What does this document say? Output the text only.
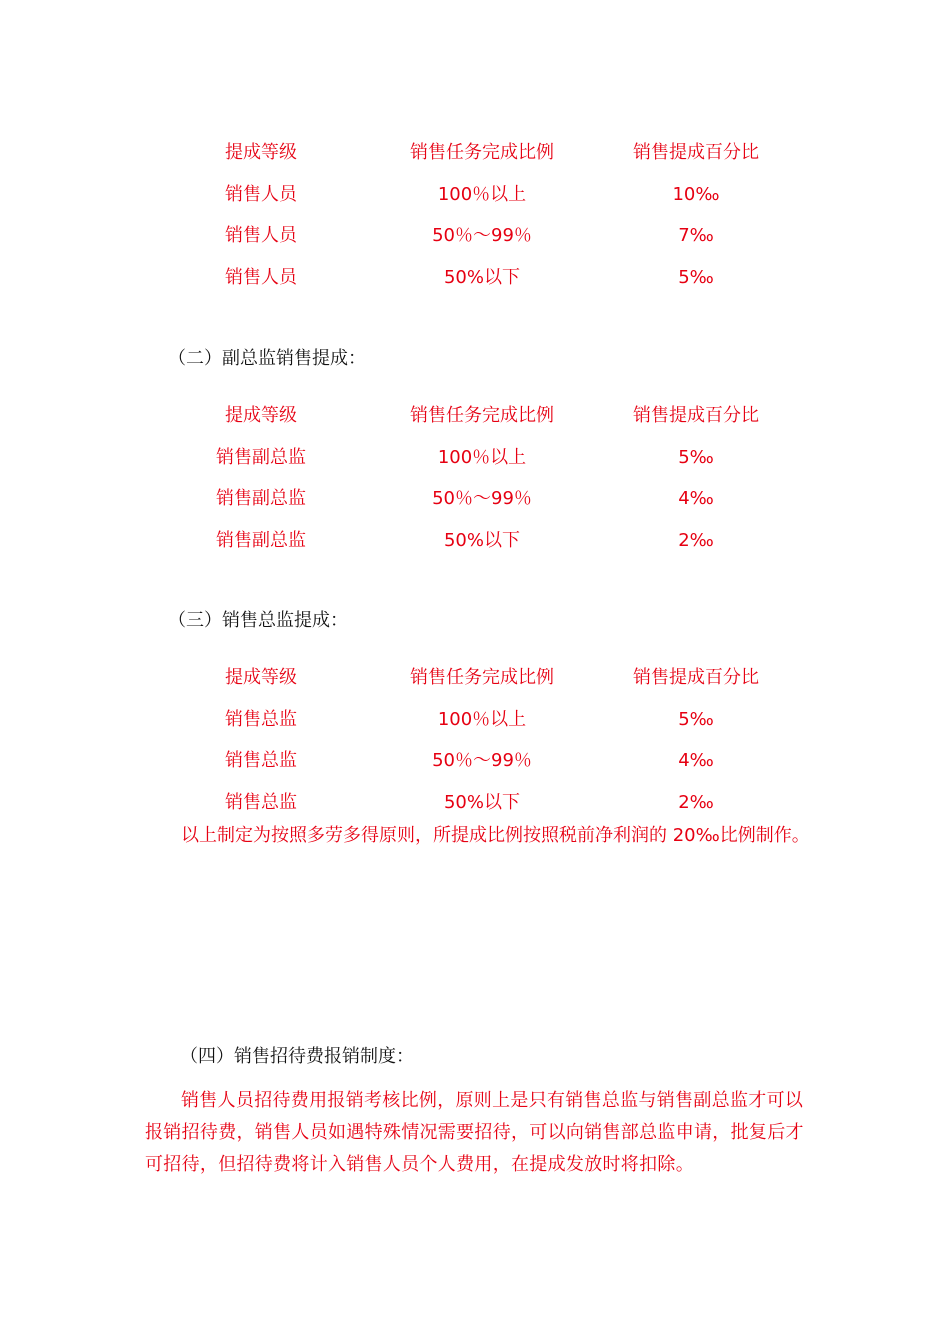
提成等级	销售任务完成比例	销售提成百分比
销售人员	100％以上	10‰
销售人员	50％～99％	7‰
销售人员	50%以下	5‰
（二）副总监销售提成：
提成等级	销售任务完成比例	销售提成百分比
销售副总监	100％以上	5‰
销售副总监	50％～99％	4‰
销售副总监	50%以下	2‰
（三）销售总监提成：
提成等级	销售任务完成比例	销售提成百分比
销售总监	100％以上	5‰
销售总监	50％～99％	4‰
销售总监	50%以下	2‰
以上制定为按照多劳多得原则，所提成比例按照税前净利润的 20‰比例制作。
（四）销售招待费报销制度：
销售人员招待费用报销考核比例，原则上是只有销售总监与销售副总监才可以报销招待费，销售人员如遇特殊情况需要招待，可以向销售部总监申请，批复后才可招待，但招待费将计入销售人员个人费用，在提成发放时将扣除。
